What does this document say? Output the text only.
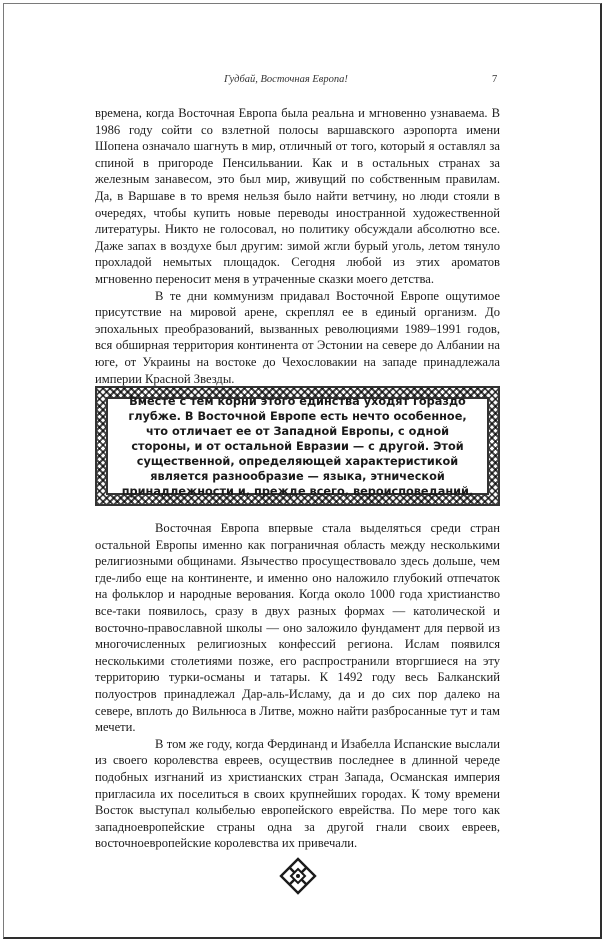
Гудбай, Восточная Европа!	7

времена, когда Восточная Европа была реальна и мгновенно узнаваема. В 1986 году сойти со взлетной полосы варшавского аэропорта имени Шопена означало шагнуть в мир, отличный от того, который я оставлял за спиной в пригороде Пенсильвании. Как и в остальных странах за железным занавесом, это был мир, живущий по собственным правилам. Да, в Варшаве в то время нельзя было найти ветчину, но люди стояли в очередях, чтобы купить новые переводы иностранной художественной литературы. Никто не голосовал, но политику обсуждали абсолютно все. Даже запах в воздухе был другим: зимой жгли бурый уголь, летом тянуло прохладой немытых площадок. Сегодня любой из этих ароматов мгновенно переносит меня в утраченные сказки моего детства.

В те дни коммунизм придавал Восточной Европе ощутимое присутствие на мировой арене, скреплял ее в единый организм. До эпохальных преобразований, вызванных революциями 1989–1991 годов, вся обширная территория континента от Эстонии на севере до Албании на юге, от Украины на востоке до Чехословакии на западе принадлежала империи Красной Звезды.

Вместе с тем корни этого единства уходят гораздо глубже. В Восточной Европе есть нечто особенное, что отличает ее от Западной Европы, с одной стороны, и от остальной Евразии — с другой. Этой существенной, определяющей характеристикой является разнообразие — языка, этнической принадлежности и, прежде всего, вероисповеданий.

Восточная Европа впервые стала выделяться среди стран остальной Европы именно как пограничная область между несколькими религиозными общинами. Язычество просуществовало здесь дольше, чем где-либо еще на континенте, и именно оно наложило глубокий отпечаток на фольклор и народные верования. Когда около 1000 года христианство все-таки появилось, сразу в двух разных формах — католической и восточно-православной школы — оно заложило фундамент для первой из многочисленных религиозных конфессий региона. Ислам появился несколькими столетиями позже, его распространили вторгшиеся на эту территорию турки-османы и татары. К 1492 году весь Балканский полуостров принадлежал Дар-аль-Исламу, да и до сих пор далеко на севере, вплоть до Вильнюса в Литве, можно найти разбросанные тут и там мечети.

В том же году, когда Фердинанд и Изабелла Испанские выслали из своего королевства евреев, осуществив последнее в длинной череде подобных изгнаний из христианских стран Запада, Османская империя пригласила их поселиться в своих крупнейших городах. К тому времени Восток выступал колыбелью европейского еврейства. По мере того как западноевропейские страны одна за другой гнали своих евреев, восточноевропейские королевства их привечали.
